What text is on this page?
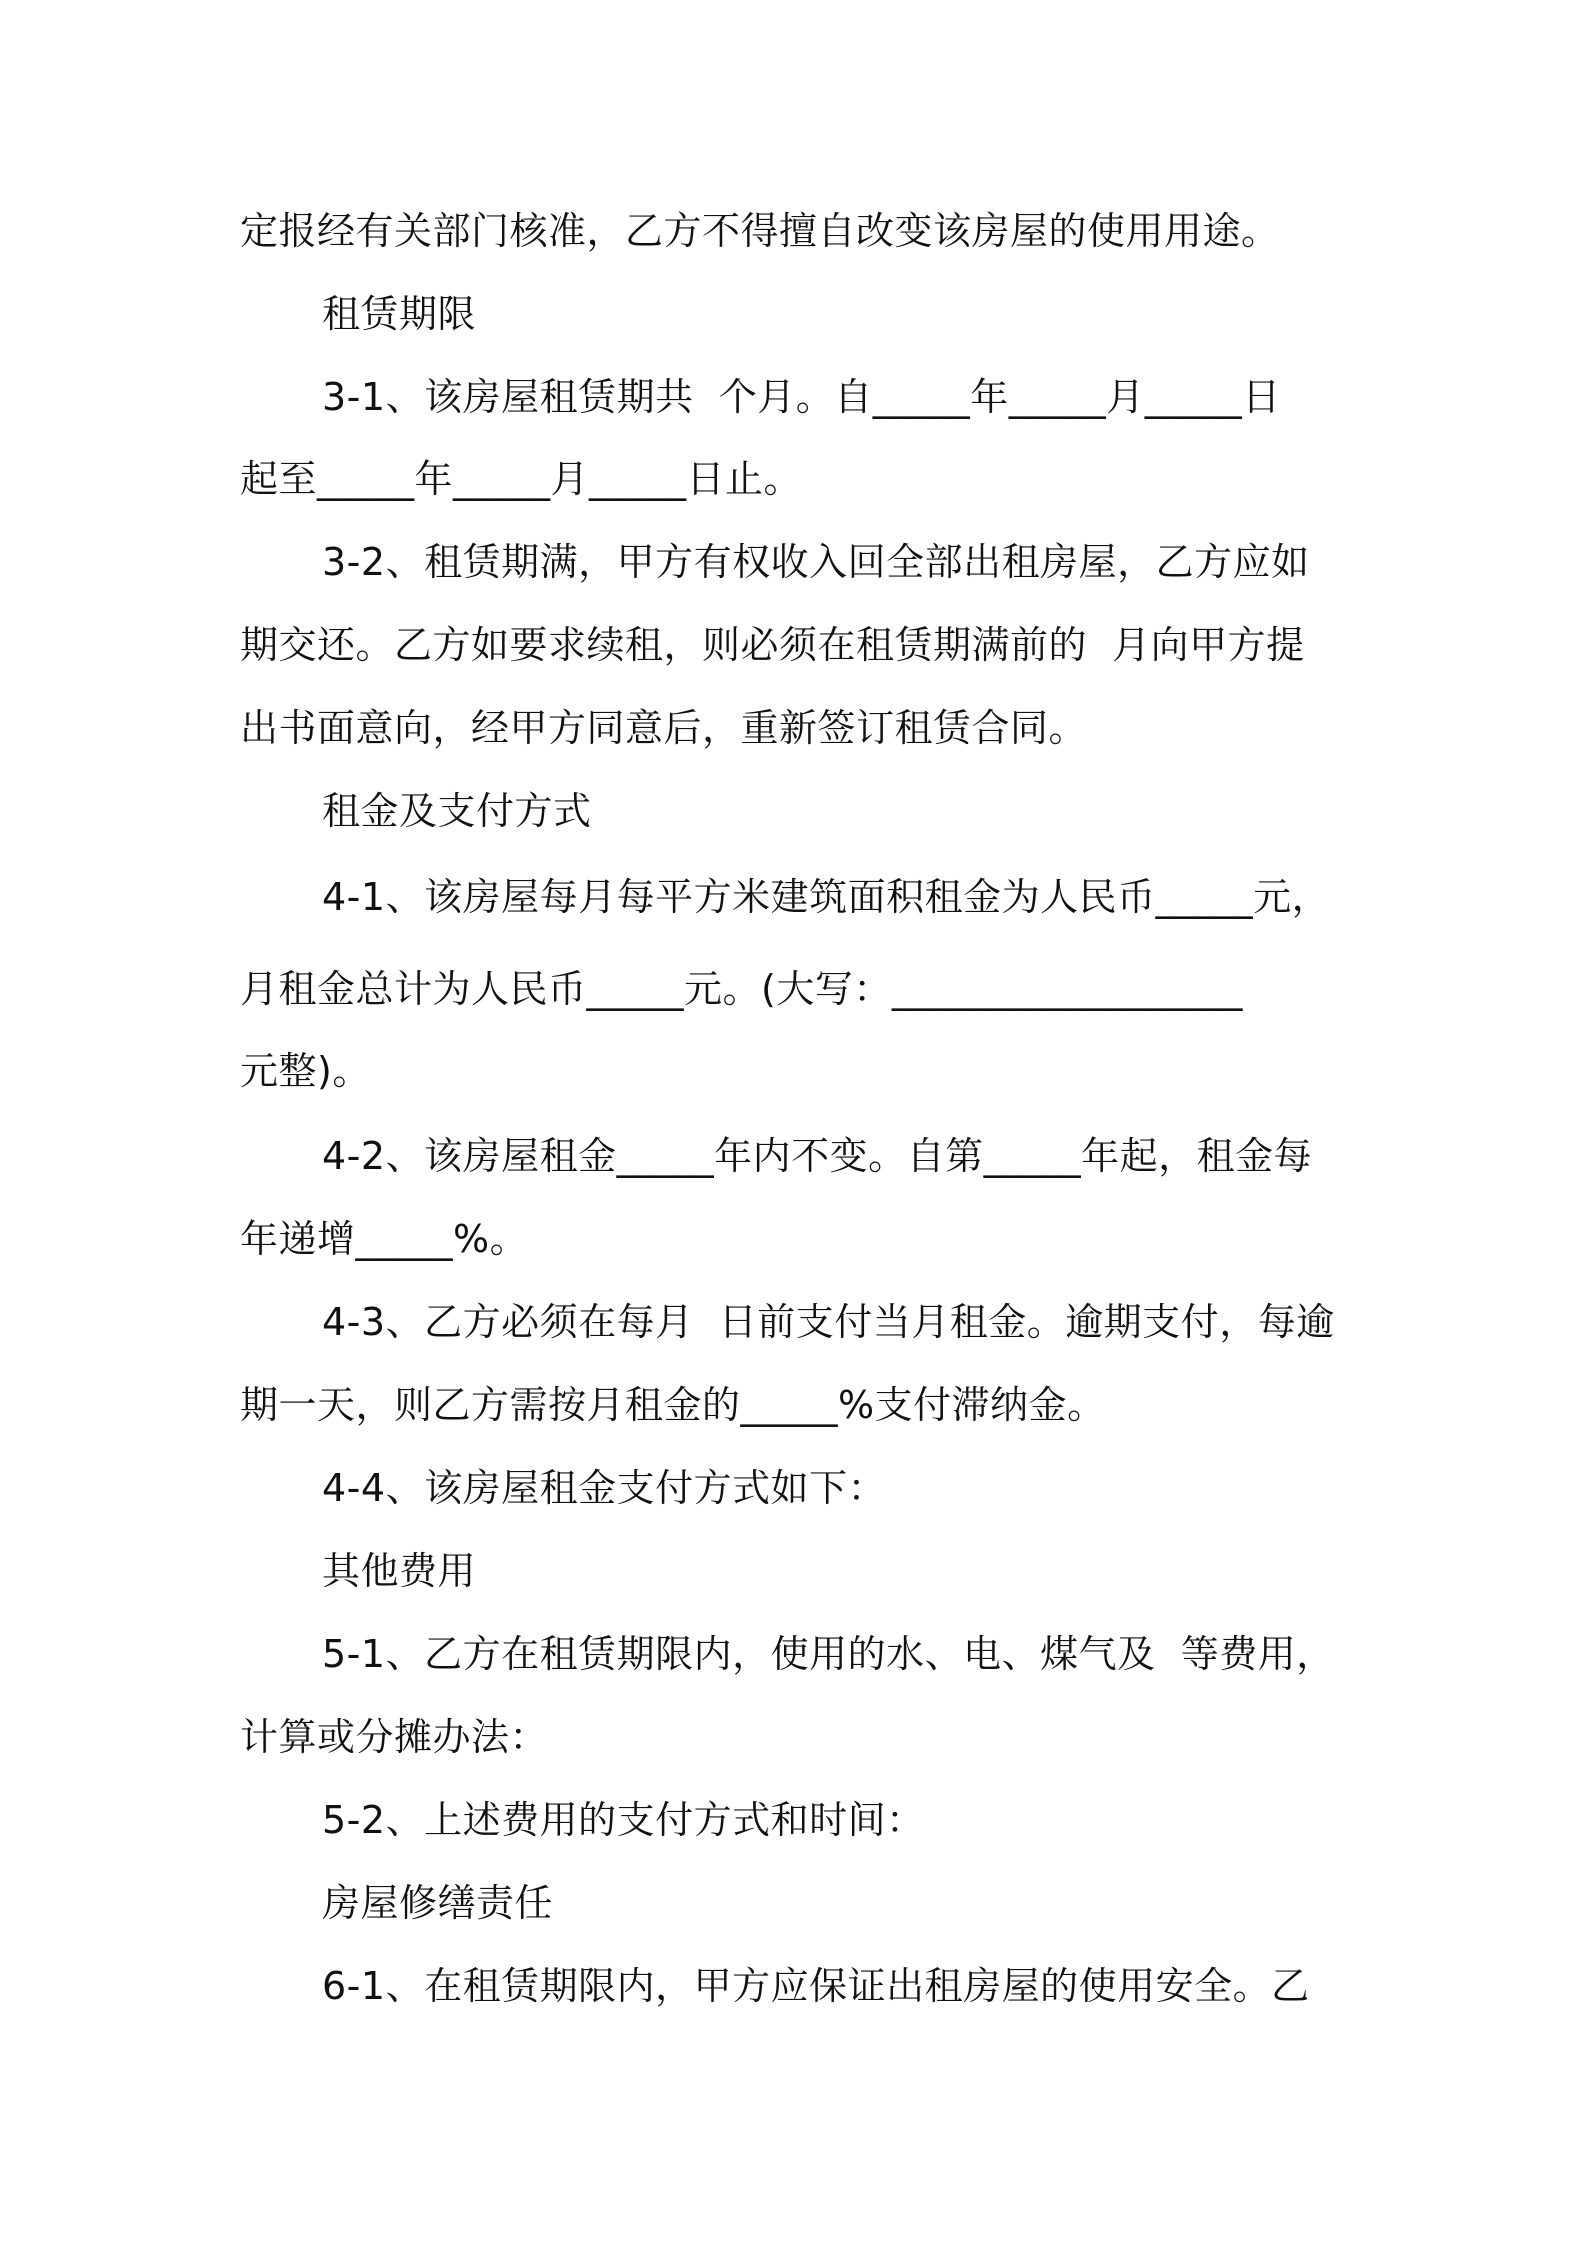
定报经有关部门核准，乙方不得擅自改变该房屋的使用用途。
租赁期限
3-1、该房屋租赁期共  个月。自_____年_____月_____日
起至_____年_____月_____日止。
3-2、租赁期满，甲方有权收入回全部出租房屋，乙方应如
期交还。乙方如要求续租，则必须在租赁期满前的  月向甲方提
出书面意向，经甲方同意后，重新签订租赁合同。
租金及支付方式
4-1、该房屋每月每平方米建筑面积租金为人民币_____元，
月租金总计为人民币_____元。(大写：__________________
元整)。
4-2、该房屋租金_____年内不变。自第_____年起，租金每
年递增_____%。
4-3、乙方必须在每月  日前支付当月租金。逾期支付，每逾
期一天，则乙方需按月租金的_____%支付滞纳金。
4-4、该房屋租金支付方式如下：
其他费用
5-1、乙方在租赁期限内，使用的水、电、煤气及  等费用，
计算或分摊办法：
5-2、上述费用的支付方式和时间：
房屋修缮责任
6-1、在租赁期限内，甲方应保证出租房屋的使用安全。乙
